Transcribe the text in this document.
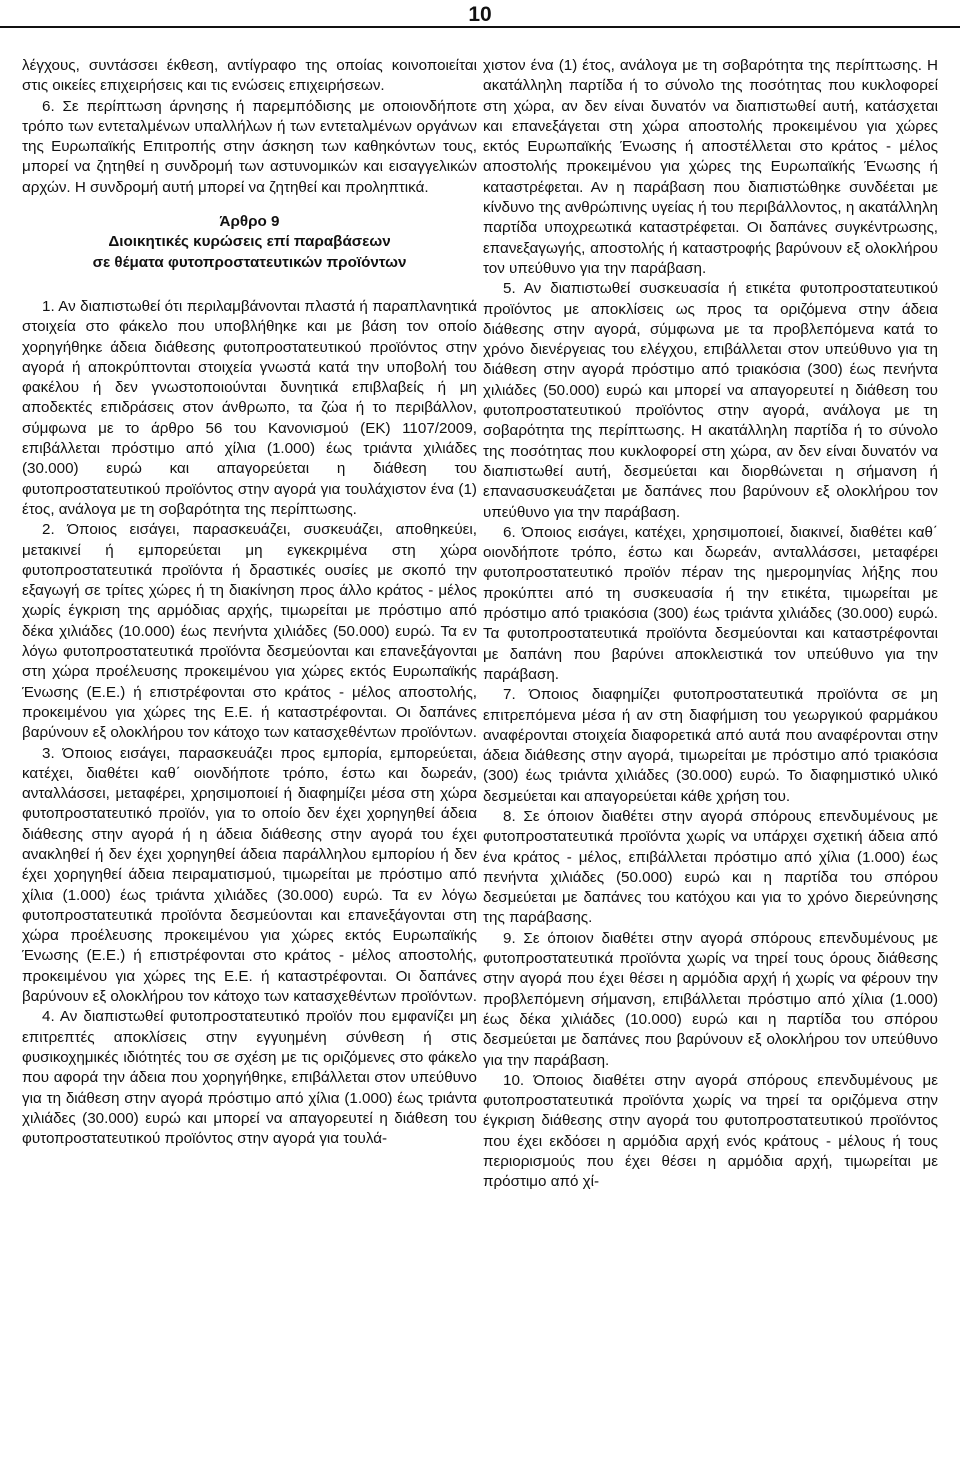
10

λέγχους, συντάσσει έκθεση, αντίγραφο της οποίας κοινοποιείται στις οικείες επιχειρήσεις και τις ενώσεις επιχειρήσεων.

6. Σε περίπτωση άρνησης ή παρεμπόδισης με οποιονδήποτε τρόπο των εντεταλμένων υπαλλήλων ή των εντεταλμένων οργάνων της Ευρωπαϊκής Επιτροπής στην άσκηση των καθηκόντων τους, μπορεί να ζητηθεί η συνδρομή των αστυνομικών και εισαγγελικών αρχών. Η συνδρομή αυτή μπορεί να ζητηθεί και προληπτικά.

Άρθρο 9
Διοικητικές κυρώσεις επί παραβάσεων
σε θέματα φυτοπροστατευτικών προϊόντων

1. Αν διαπιστωθεί ότι περιλαμβάνονται πλαστά ή παραπλανητικά στοιχεία στο φάκελο που υποβλήθηκε και με βάση τον οποίο χορηγήθηκε άδεια διάθεσης φυτοπροστατευτικού προϊόντος στην αγορά ή αποκρύπτονται στοιχεία γνωστά κατά την υποβολή του φακέλου ή δεν γνωστοποιούνται δυνητικά επιβλαβείς ή μη αποδεκτές επιδράσεις στον άνθρωπο, τα ζώα ή το περιβάλλον, σύμφωνα με το άρθρο 56 του Κανονισμού (ΕΚ) 1107/2009, επιβάλλεται πρόστιμο από χίλια (1.000) έως τριάντα χιλιάδες (30.000) ευρώ και απαγορεύεται η διάθεση του φυτοπροστατευτικού προϊόντος στην αγορά για τουλάχιστον ένα (1) έτος, ανάλογα με τη σοβαρότητα της περίπτωσης.

2. Όποιος εισάγει, παρασκευάζει, συσκευάζει, αποθηκεύει, μετακινεί ή εμπορεύεται μη εγκεκριμένα στη χώρα φυτοπροστατευτικά προϊόντα ή δραστικές ουσίες με σκοπό την εξαγωγή σε τρίτες χώρες ή τη διακίνηση προς άλλο κράτος - μέλος χωρίς έγκριση της αρμόδιας αρχής, τιμωρείται με πρόστιμο από δέκα χιλιάδες (10.000) έως πενήντα χιλιάδες (50.000) ευρώ. Τα εν λόγω φυτοπροστατευτικά προϊόντα δεσμεύονται και επανεξάγονται στη χώρα προέλευσης προκειμένου για χώρες εκτός Ευρωπαϊκής Ένωσης (Ε.Ε.) ή επιστρέφονται στο κράτος - μέλος αποστολής, προκειμένου για χώρες της Ε.Ε. ή καταστρέφονται. Οι δαπάνες βαρύνουν εξ ολοκλήρου τον κάτοχο των κατασχεθέντων προϊόντων.

3. Όποιος εισάγει, παρασκευάζει προς εμπορία, εμπορεύεται, κατέχει, διαθέτει καθ΄ οιονδήποτε τρόπο, έστω και δωρεάν, ανταλλάσσει, μεταφέρει, χρησιμοποιεί ή διαφημίζει μέσα στη χώρα φυτοπροστατευτικό προϊόν, για το οποίο δεν έχει χορηγηθεί άδεια διάθεσης στην αγορά ή η άδεια διάθεσης στην αγορά του έχει ανακληθεί ή δεν έχει χορηγηθεί άδεια παράλληλου εμπορίου ή δεν έχει χορηγηθεί άδεια πειραματισμού, τιμωρείται με πρόστιμο από χίλια (1.000) έως τριάντα χιλιάδες (30.000) ευρώ. Τα εν λόγω φυτοπροστατευτικά προϊόντα δεσμεύονται και επανεξάγονται στη χώρα προέλευσης προκειμένου για χώρες εκτός Ευρωπαϊκής Ένωσης (Ε.Ε.) ή επιστρέφονται στο κράτος - μέλος αποστολής, προκειμένου για χώρες της Ε.Ε. ή καταστρέφονται. Οι δαπάνες βαρύνουν εξ ολοκλήρου τον κάτοχο των κατασχεθέντων προϊόντων.

4. Αν διαπιστωθεί φυτοπροστατευτικό προϊόν που εμφανίζει μη επιτρεπτές αποκλίσεις στην εγγυημένη σύνθεση ή στις φυσικοχημικές ιδιότητές του σε σχέση με τις οριζόμενες στο φάκελο που αφορά την άδεια που χορηγήθηκε, επιβάλλεται στον υπεύθυνο για τη διάθεση στην αγορά πρόστιμο από χίλια (1.000) έως τριάντα χιλιάδες (30.000) ευρώ και μπορεί να απαγορευτεί η διάθεση του φυτοπροστατευτικού προϊόντος στην αγορά για τουλά-

χιστον ένα (1) έτος, ανάλογα με τη σοβαρότητα της περίπτωσης. Η ακατάλληλη παρτίδα ή το σύνολο της ποσότητας που κυκλοφορεί στη χώρα, αν δεν είναι δυνατόν να διαπιστωθεί αυτή, κατάσχεται και επανεξάγεται στη χώρα αποστολής προκειμένου για χώρες εκτός Ευρωπαϊκής Ένωσης ή αποστέλλεται στο κράτος - μέλος αποστολής προκειμένου για χώρες της Ευρωπαϊκής Ένωσης ή καταστρέφεται. Αν η παράβαση που διαπιστώθηκε συνδέεται με κίνδυνο της ανθρώπινης υγείας ή του περιβάλλοντος, η ακατάλληλη παρτίδα υποχρεωτικά καταστρέφεται. Οι δαπάνες συγκέντρωσης, επανεξαγωγής, αποστολής ή καταστροφής βαρύνουν εξ ολοκλήρου τον υπεύθυνο για την παράβαση.

5. Αν διαπιστωθεί συσκευασία ή ετικέτα φυτοπροστατευτικού προϊόντος με αποκλίσεις ως προς τα οριζόμενα στην άδεια διάθεσης στην αγορά, σύμφωνα με τα προβλεπόμενα κατά το χρόνο διενέργειας του ελέγχου, επιβάλλεται στον υπεύθυνο για τη διάθεση στην αγορά πρόστιμο από τριακόσια (300) έως πενήντα χιλιάδες (50.000) ευρώ και μπορεί να απαγορευτεί η διάθεση του φυτοπροστατευτικού προϊόντος στην αγορά, ανάλογα με τη σοβαρότητα της περίπτωσης. Η ακατάλληλη παρτίδα ή το σύνολο της ποσότητας που κυκλοφορεί στη χώρα, αν δεν είναι δυνατόν να διαπιστωθεί αυτή, δεσμεύεται και διορθώνεται η σήμανση ή επανασυσκευάζεται με δαπάνες που βαρύνουν εξ ολοκλήρου τον υπεύθυνο για την παράβαση.

6. Όποιος εισάγει, κατέχει, χρησιμοποιεί, διακινεί, διαθέτει καθ΄ οιονδήποτε τρόπο, έστω και δωρεάν, ανταλλάσσει, μεταφέρει φυτοπροστατευτικό προϊόν πέραν της ημερομηνίας λήξης που προκύπτει από τη συσκευασία ή την ετικέτα, τιμωρείται με πρόστιμο από τριακόσια (300) έως τριάντα χιλιάδες (30.000) ευρώ. Τα φυτοπροστατευτικά προϊόντα δεσμεύονται και καταστρέφονται με δαπάνη που βαρύνει αποκλειστικά τον υπεύθυνο για την παράβαση.

7. Όποιος διαφημίζει φυτοπροστατευτικά προϊόντα σε μη επιτρεπόμενα μέσα ή αν στη διαφήμιση του γεωργικού φαρμάκου αναφέρονται στοιχεία διαφορετικά από αυτά που αναφέρονται στην άδεια διάθεσης στην αγορά, τιμωρείται με πρόστιμο από τριακόσια (300) έως τριάντα χιλιάδες (30.000) ευρώ. Το διαφημιστικό υλικό δεσμεύεται και απαγορεύεται κάθε χρήση του.

8. Σε όποιον διαθέτει στην αγορά σπόρους επενδυμένους με φυτοπροστατευτικά προϊόντα χωρίς να υπάρχει σχετική άδεια από ένα κράτος - μέλος, επιβάλλεται πρόστιμο από χίλια (1.000) έως πενήντα χιλιάδες (50.000) ευρώ και η παρτίδα του σπόρου δεσμεύεται με δαπάνες του κατόχου και για το χρόνο διερεύνησης της παράβασης.

9. Σε όποιον διαθέτει στην αγορά σπόρους επενδυμένους με φυτοπροστατευτικά προϊόντα χωρίς να τηρεί τους όρους διάθεσης στην αγορά που έχει θέσει η αρμόδια αρχή ή χωρίς να φέρουν την προβλεπόμενη σήμανση, επιβάλλεται πρόστιμο από χίλια (1.000) έως δέκα χιλιάδες (10.000) ευρώ και η παρτίδα του σπόρου δεσμεύεται με δαπάνες που βαρύνουν εξ ολοκλήρου τον υπεύθυνο για την παράβαση.

10. Όποιος διαθέτει στην αγορά σπόρους επενδυμένους με φυτοπροστατευτικά προϊόντα χωρίς να τηρεί τα οριζόμενα στην έγκριση διάθεσης στην αγορά του φυτοπροστατευτικού προϊόντος που έχει εκδόσει η αρμόδια αρχή ενός κράτους - μέλους ή τους περιορισμούς που έχει θέσει η αρμόδια αρχή, τιμωρείται με πρόστιμο από χί-
